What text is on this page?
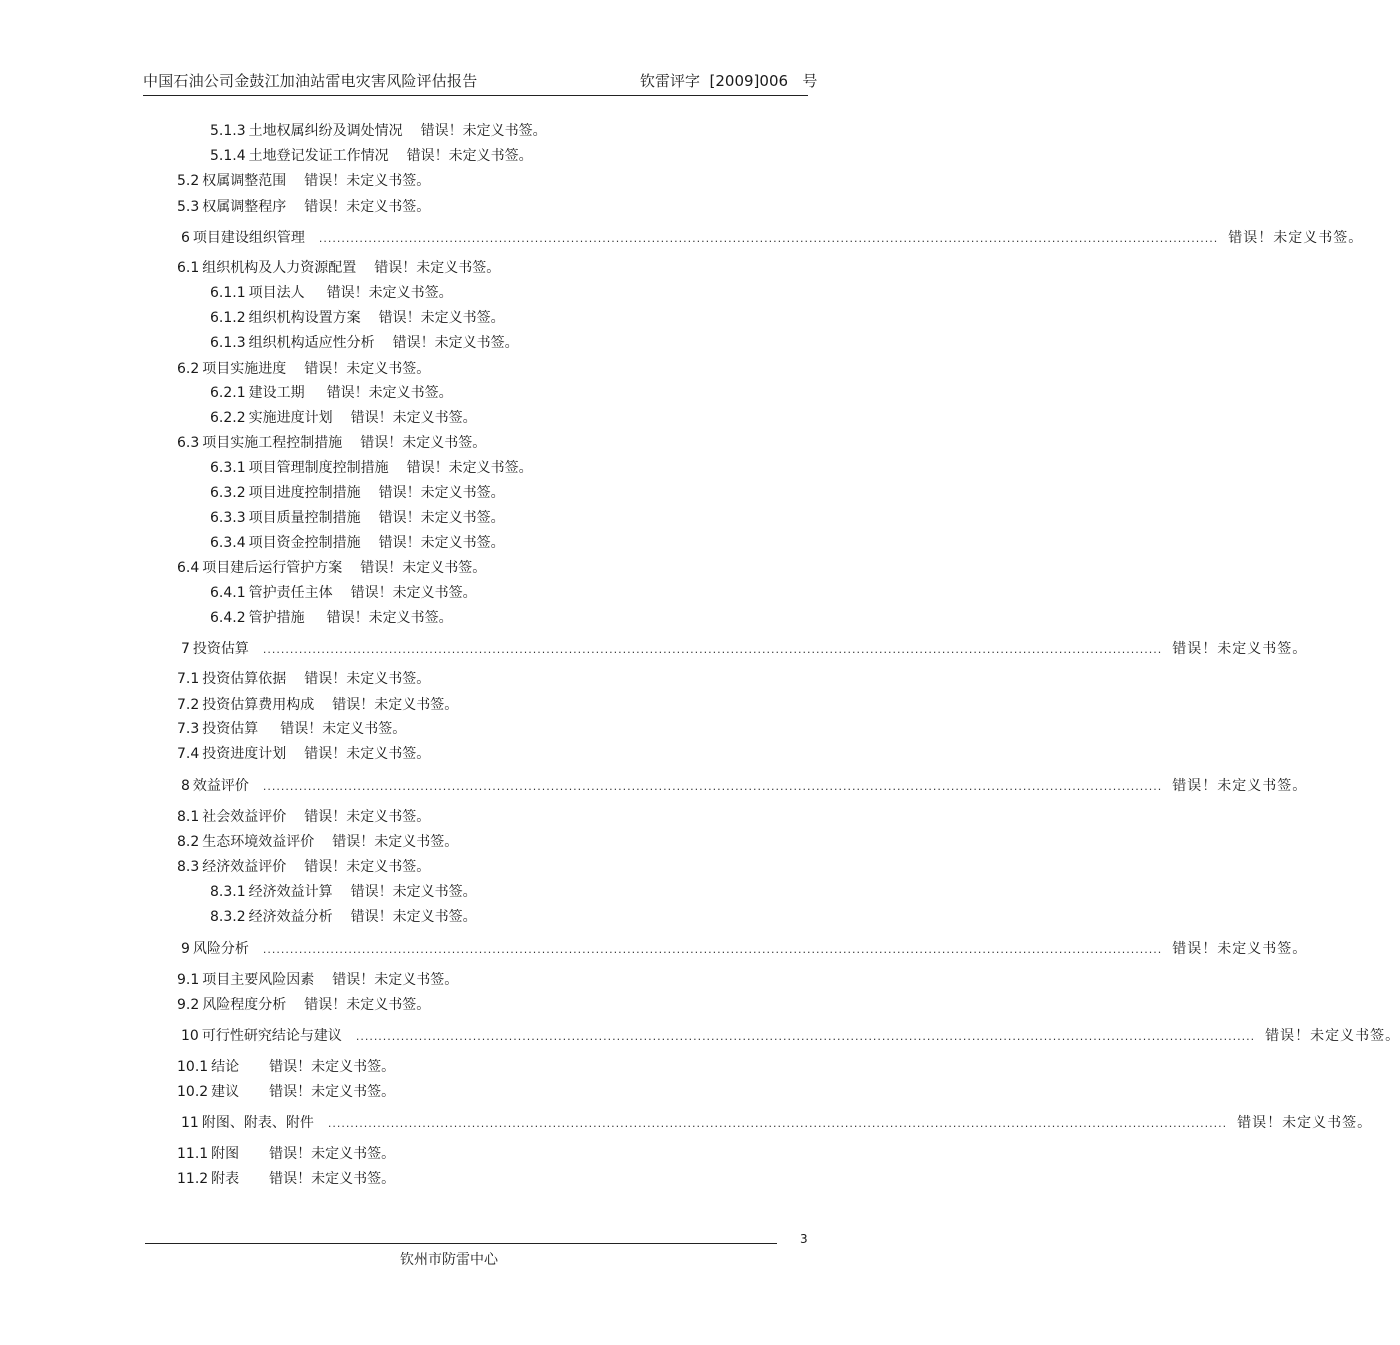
中国石油公司金鼓江加油站雷电灾害风险评估报告	钦雷评字  [2009]006   号
5.1.3 土地权属纠纷及调处情况 错误！未定义书签。
5.1.4 土地登记发证工作情况 错误！未定义书签。
5.2 权属调整范围 错误！未定义书签。
5.3 权属调整程序 错误！未定义书签。
6 项目建设组织管理 ........................................................................................................................................................................................................ 错误！未定义书签。
6.1 组织机构及人力资源配置 错误！未定义书签。
6.1.1 项目法人 错误！未定义书签。
6.1.2 组织机构设置方案 错误！未定义书签。
6.1.3 组织机构适应性分析 错误！未定义书签。
6.2 项目实施进度 错误！未定义书签。
6.2.1 建设工期 错误！未定义书签。
6.2.2 实施进度计划 错误！未定义书签。
6.3 项目实施工程控制措施 错误！未定义书签。
6.3.1 项目管理制度控制措施 错误！未定义书签。
6.3.2 项目进度控制措施 错误！未定义书签。
6.3.3 项目质量控制措施 错误！未定义书签。
6.3.4 项目资金控制措施 错误！未定义书签。
6.4 项目建后运行管护方案 错误！未定义书签。
6.4.1 管护责任主体 错误！未定义书签。
6.4.2 管护措施 错误！未定义书签。
7 投资估算 ........................................................................................................................................................................................................ 错误！未定义书签。
7.1 投资估算依据 错误！未定义书签。
7.2 投资估算费用构成 错误！未定义书签。
7.3 投资估算 错误！未定义书签。
7.4 投资进度计划 错误！未定义书签。
8 效益评价 ........................................................................................................................................................................................................ 错误！未定义书签。
8.1 社会效益评价 错误！未定义书签。
8.2 生态环境效益评价 错误！未定义书签。
8.3 经济效益评价 错误！未定义书签。
8.3.1 经济效益计算 错误！未定义书签。
8.3.2 经济效益分析 错误！未定义书签。
9 风险分析 ........................................................................................................................................................................................................ 错误！未定义书签。
9.1 项目主要风险因素 错误！未定义书签。
9.2 风险程度分析 错误！未定义书签。
10 可行性研究结论与建议 ........................................................................................................................................................................................................ 错误！未定义书签。
10.1 结论 错误！未定义书签。
10.2 建议 错误！未定义书签。
11 附图、附表、附件 ........................................................................................................................................................................................................ 错误！未定义书签。
11.1 附图 错误！未定义书签。
11.2 附表 错误！未定义书签。
3
钦州市防雷中心
